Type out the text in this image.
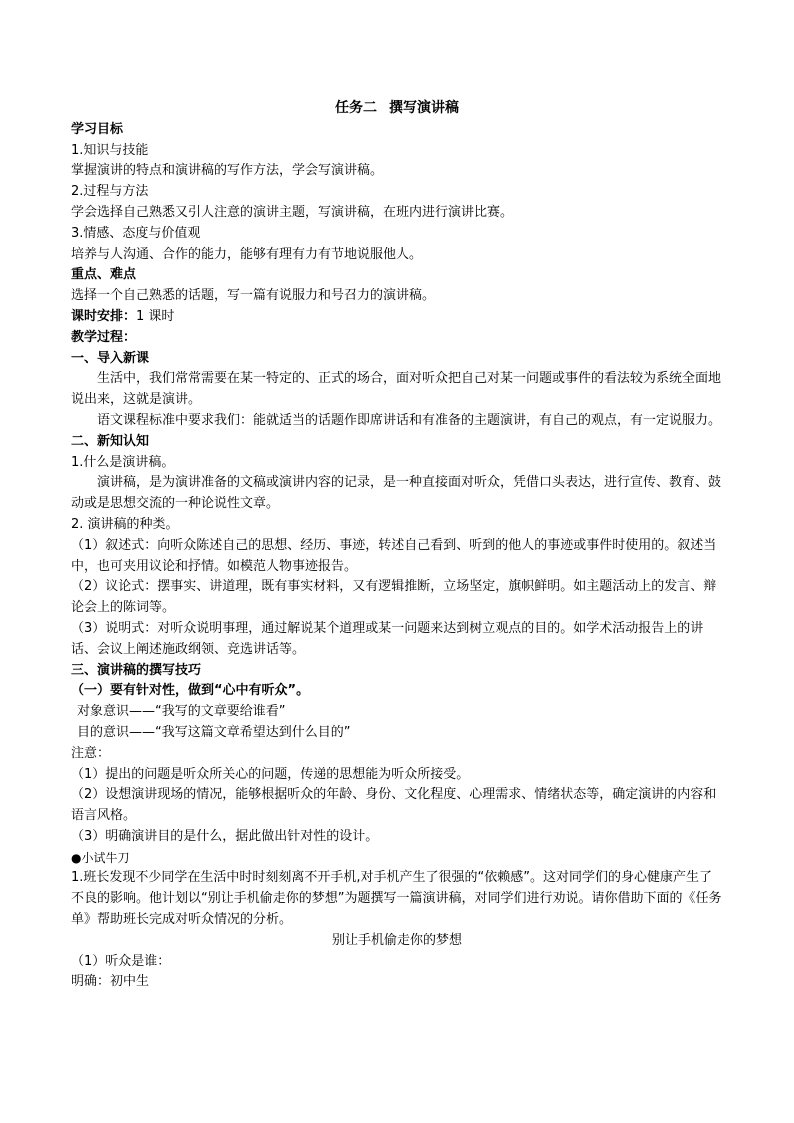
任务二 撰写演讲稿

学习目标

1.知识与技能

掌握演讲的特点和演讲稿的写作方法，学会写演讲稿。

2.过程与方法

学会选择自己熟悉又引人注意的演讲主题，写演讲稿，在班内进行演讲比赛。

3.情感、态度与价值观

培养与人沟通、合作的能力，能够有理有力有节地说服他人。

重点、难点

选择一个自己熟悉的话题，写一篇有说服力和号召力的演讲稿。

课时安排：1 课时

教学过程：

一、导入新课

生活中，我们常常需要在某一特定的、正式的场合，面对听众把自己对某一问题或事件的看法较为系统全面地说出来，这就是演讲。

语文课程标准中要求我们：能就适当的话题作即席讲话和有准备的主题演讲，有自己的观点，有一定说服力。

二、新知认知

1.什么是演讲稿。

演讲稿，是为演讲准备的文稿或演讲内容的记录，是一种直接面对听众，凭借口头表达，进行宣传、教育、鼓动或是思想交流的一种论说性文章。

2. 演讲稿的种类。

（1）叙述式：向听众陈述自己的思想、经历、事迹，转述自己看到、听到的他人的事迹或事件时使用的。叙述当中，也可夹用议论和抒情。如模范人物事迹报告。

（2）议论式：摆事实、讲道理，既有事实材料，又有逻辑推断，立场坚定，旗帜鲜明。如主题活动上的发言、辩论会上的陈词等。

（3）说明式：对听众说明事理，通过解说某个道理或某一问题来达到树立观点的目的。如学术活动报告上的讲话、会议上阐述施政纲领、竞选讲话等。

三、演讲稿的撰写技巧

（一）要有针对性，做到“心中有听众”。

对象意识——“我写的文章要给谁看”

目的意识——“我写这篇文章希望达到什么目的”

注意：

（1）提出的问题是听众所关心的问题，传递的思想能为听众所接受。

（2）设想演讲现场的情况，能够根据听众的年龄、身份、文化程度、心理需求、情绪状态等，确定演讲的内容和语言风格。

（3）明确演讲目的是什么，据此做出针对性的设计。

●小试牛刀

1.班长发现不少同学在生活中时时刻刻离不开手机,对手机产生了很强的“依赖感”。这对同学们的身心健康产生了不良的影响。他计划以“别让手机偷走你的梦想”为题撰写一篇演讲稿，对同学们进行劝说。请你借助下面的《任务单》帮助班长完成对听众情况的分析。

别让手机偷走你的梦想

（1）听众是谁：

明确：初中生
